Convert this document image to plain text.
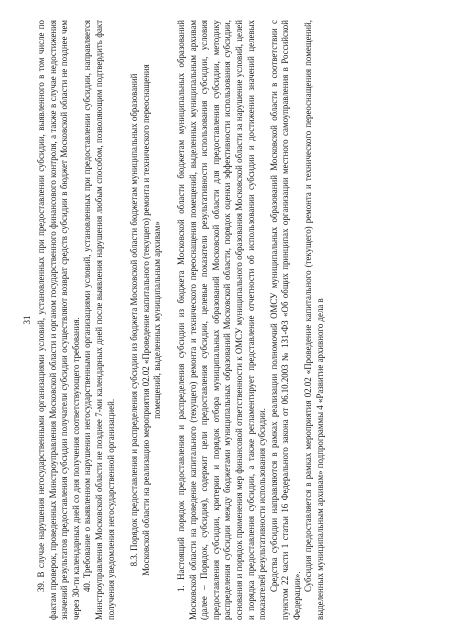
31 39. В случае нарушения негосударственными организациями условий, установленных при предоставлении субсидии, выявленного в том числе по фактам проверок, проведенных Минстроуправления Московской области и органом государственного финансового контроля, а также в случае недостижения значений результатов предоставления субсидии получатели субсидии осуществляют возврат средств субсидии в бюджет Московской области не позднее чем через 30-ти календарных дней со дня получения соответствующего требования. 40. Требование о выявленном нарушении негосударственными организациями условий, установленных при предоставлении субсидии, направляется Минстроуправления Московской области не позднее 7-ми календарных дней после выявления нарушения любым способом, позволяющим подтвердить факт получения уведомления негосударственной организацией. 8.3. Порядок предоставления и распределения субсидии из бюджета Московской области бюджетам муниципальных образований Московской области на реализацию мероприятия 02.02 «Проведение капитального (текущего) ремонта и технического переоснащения помещений, выделенных муниципальным архивам» 1. Настоящий порядок предоставления и распределения субсидии из бюджета Московской области бюджетам муниципальных образований Московской области на проведение капитального (текущего) ремонта и технического переоснащения помещений, выделенных муниципальным архивам (далее – Порядок, субсидия), содержит цели предоставления субсидии, целевые показатели результативности использования субсидии, условия предоставления субсидии, критерии и порядок отбора муниципальных образований Московской области для предоставления субсидии, методику распределения субсидии между бюджетами муниципальных образований Московской области, порядок оценки эффективности использования субсидии, основания и порядок применения мер финансовой ответственности к ОМСУ муниципального образования Московской области за нарушение условий, целей и порядка предоставления субсидии, а также регламентирует представление отчетности об использовании субсидии и достижении значений целевых показателей результативности использования субсидии. Средства субсидии направляются в рамках реализации полномочий ОМСУ муниципальных образований Московской области в соответствии с пунктом 22 части 1 статьи 16 Федерального закона от 06.10.2003 № 131-ФЗ «Об общих принципах организации местного самоуправления в Российской Федерации».

Субсидия предоставляется в рамках мероприятия 02.02 «Проведение капитального (текущего) ремонта и технического переоснащения помещений, выделенных муниципальным архивам» подпрограммы 4 «Развитие архивного дела в
